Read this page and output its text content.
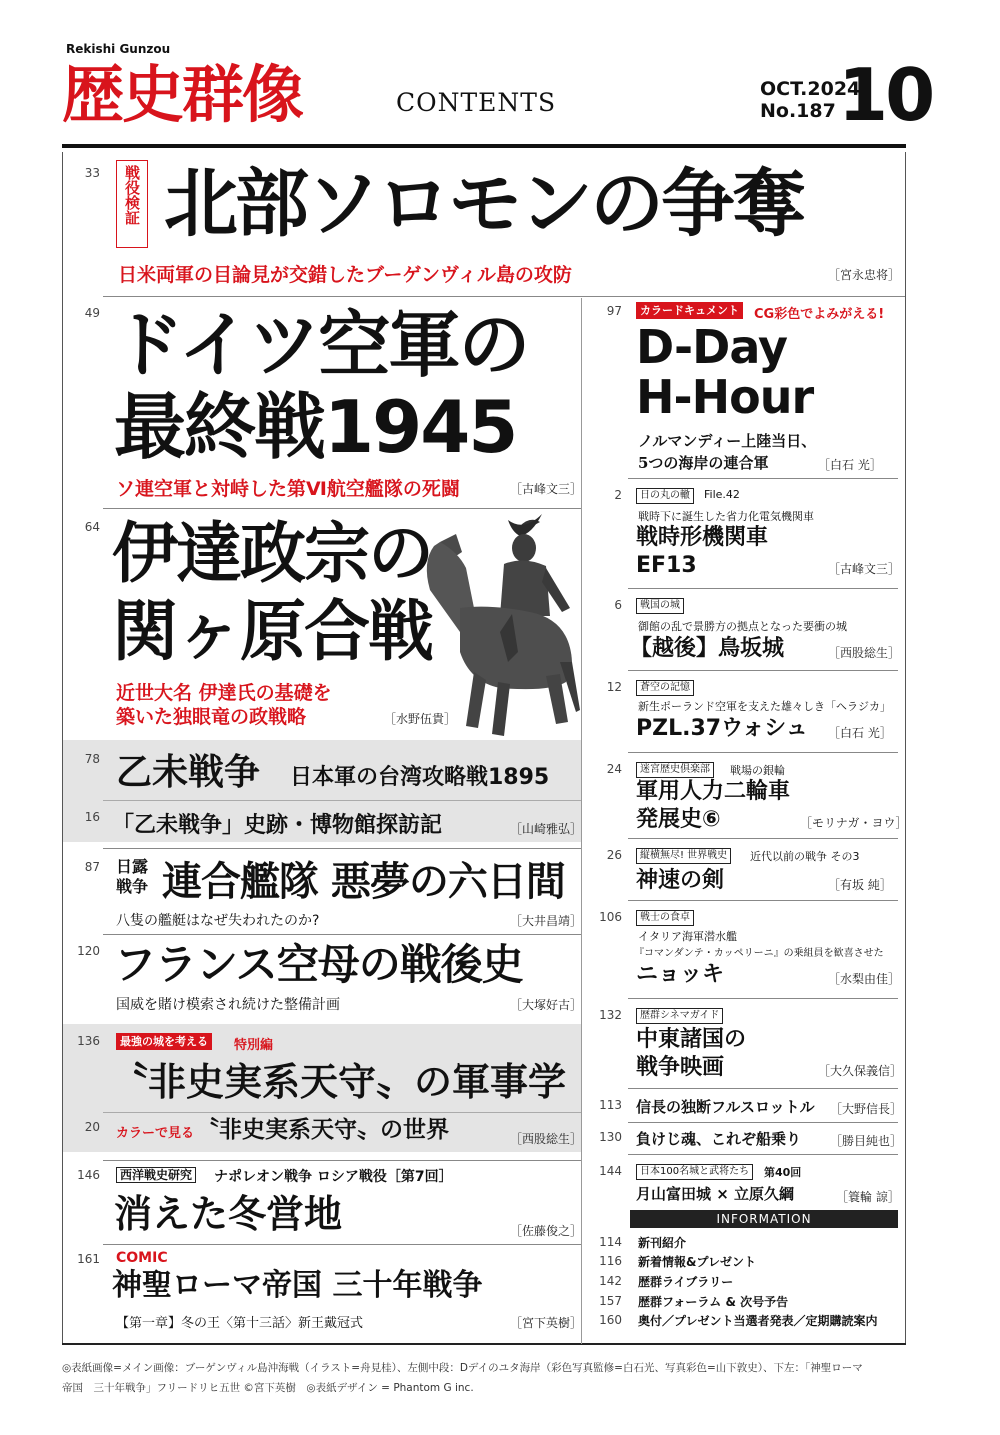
Rekishi Gunzou
歴史群像	CONTENTS	OCT.2024
No.187 10
33	戦役検証 北部ソロモンの争奪
日米両軍の目論見が交錯したブーゲンヴィル島の攻防	［宮永忠将］
49 ドイツ空軍の
最終戦1945
ソ連空軍と対峙した第Ⅵ航空艦隊の死闘	［古峰文三］
64 伊達政宗の
関ヶ原合戦
近世大名 伊達氏の基礎を
築いた独眼竜の政戦略	［水野伍貴］
78 乙未戦争 日本軍の台湾攻略戦1895
16 「乙未戦争」史跡・博物館探訪記	［山崎雅弘］
87 日露
戦争 連合艦隊 悪夢の六日間
八隻の艦艇はなぜ失われたのか?	［大井昌靖］
120 フランス空母の戦後史
国威を賭け模索され続けた整備計画	［大塚好古］
136	最強の城を考える	特別編
〝非史実系天守〟の軍事学
20 カラーで見る 〝非史実系天守〟の世界	［西股総生］
146	西洋戦史研究 ナポレオン戦争 ロシア戦役［第7回］
消えた冬営地	［佐藤俊之］
161 COMIC
神聖ローマ帝国 三十年戦争
【第一章】冬の王〈第十三話〉新王戴冠式	［宮下英樹］
97	カラードキュメント	CG彩色でよみがえる!
D-Day
H-Hour
ノルマンディー上陸当日、
5つの海岸の連合軍	［白石 光］
2	日の丸の轍	File.42
戦時下に誕生した省力化電気機関車
戦時形機関車
EF13	［古峰文三］
6	戦国の城
御館の乱で景勝方の拠点となった要衝の城
【越後】鳥坂城	［西股総生］
12	蒼空の記憶
新生ポーランド空軍を支えた雄々しき「ヘラジカ」
PZL.37ウォシュ ［白石 光］
24	迷宮歴史倶楽部	戦場の銀輪
軍用人力二輪車
発展史⑥	［モリナガ・ヨウ］
26	縦横無尽! 世界戦史	近代以前の戦争 その3
神速の剣	［有坂 純］
106	戦士の食卓
イタリア海軍潜水艦
『コマンダンテ・カッペリーニ』の乗組員を歓喜させた
ニョッキ	［水梨由佳］
132	歴群シネマガイド
中東諸国の
戦争映画	［大久保義信］
113 信長の独断フルスロットル ［大野信長］
130 負けじ魂、これぞ船乗り ［勝目純也］
144	日本100名城と武将たち	第40回
月山富田城 × 立原久綱	［簑輪 諒］
INFORMATION
114 新刊紹介
116 新着情報&プレゼント
142 歴群ライブラリー
157 歴群フォーラム & 次号予告
160 奥付／プレゼント当選者発表／定期購読案内
◎表紙画像=メイン画像：ブーゲンヴィル島沖海戦（イラスト=舟見桂）、左側中段：Dデイのユタ海岸（彩色写真監修=白石光、写真彩色=山下敦史）、下左：「神聖ローマ
帝国　三十年戦争」フリードリヒ五世 ©宮下英樹　◎表紙デザイン = Phantom G inc.
